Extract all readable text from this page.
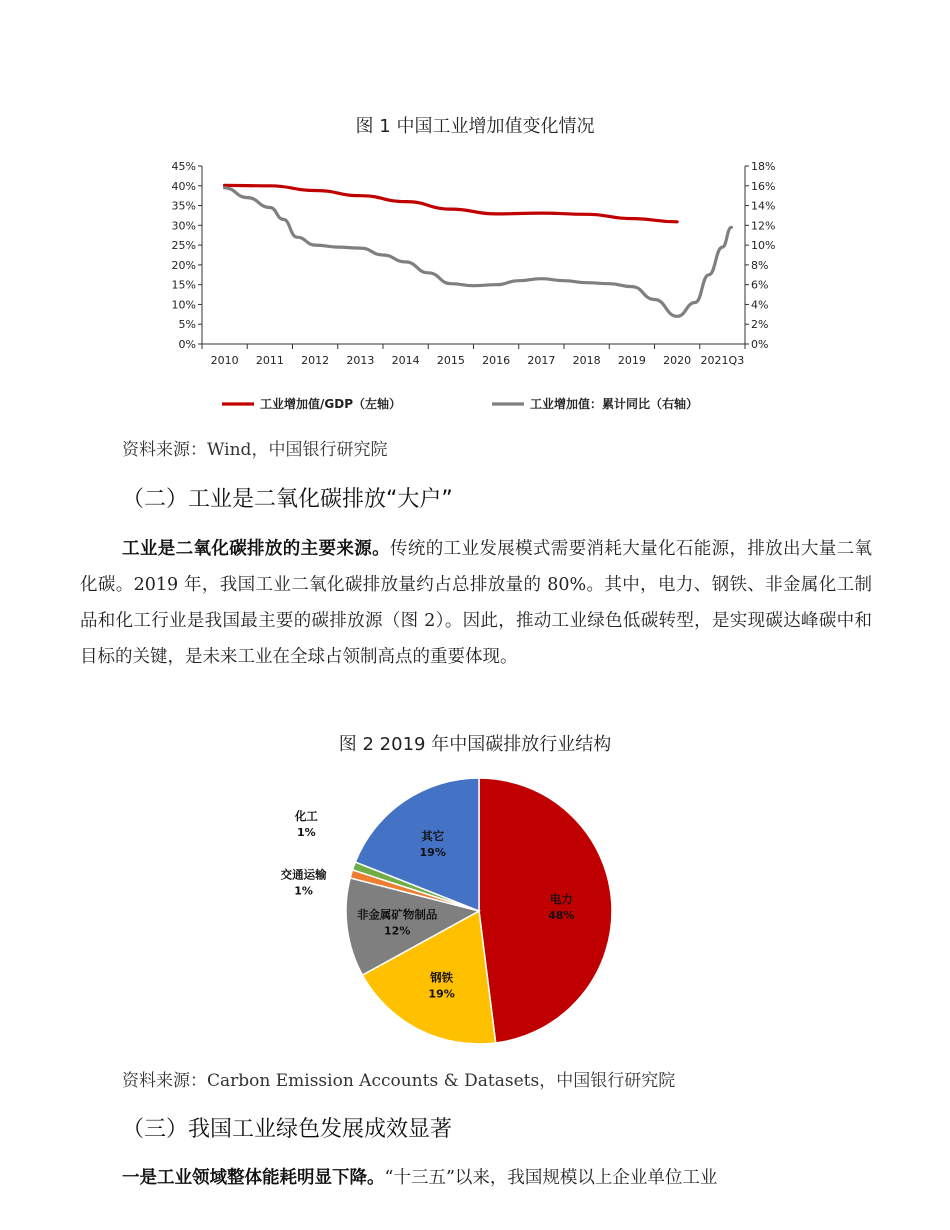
图 1 中国工业增加值变化情况
0%
5%
10%
15%
20%
25%
30%
35%
40%
45%
0%
2%
4%
6%
8%
10%
12%
14%
16%
18%
2010 2011 2012 2013 2014 2015 2016 2017 2018 2019 2020 2021Q3
工业增加值/GDP（左轴）	工业增加值：累计同比（右轴）
资料来源：Wind，中国银行研究院
（二）工业是二氧化碳排放“大户”
工业是二氧化碳排放的主要来源。传统的工业发展模式需要消耗大量化石能源，排放出大量二氧化碳。2019 年，我国工业二氧化碳排放量约占总排放量的 80%。其中，电力、钢铁、非金属化工制品和化工行业是我国最主要的碳排放源（图 2）。因此，推动工业绿色低碳转型，是实现碳达峰碳中和目标的关键，是未来工业在全球占领制高点的重要体现。
图 2 2019 年中国碳排放行业结构
电力
48%
钢铁
19%
非金属矿物制品
12%
交通运输
1%
化工
1%	其它
19%
资料来源：Carbon Emission Accounts & Datasets，中国银行研究院
（三）我国工业绿色发展成效显著
一是工业领域整体能耗明显下降。“十三五”以来，我国规模以上企业单位工业
